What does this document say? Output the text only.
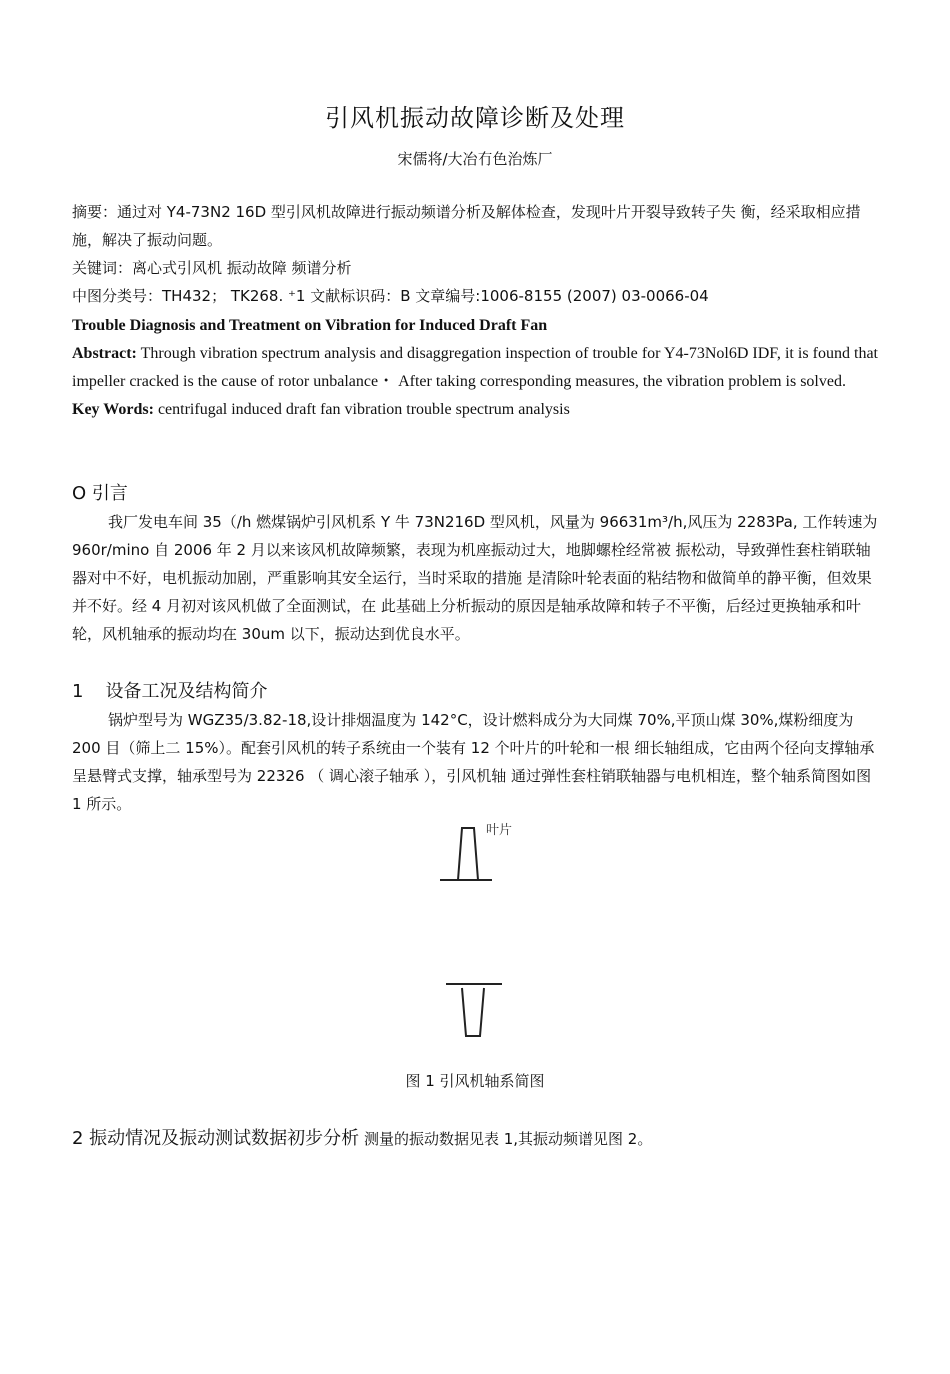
引风机振动故障诊断及处理
宋儒将/大冶冇色治炼厂
摘要：通过对 Y4-73N2 16D 型引风机故障进行振动频谱分析及解体检查，发现叶片开裂导致转子失 衡，经采取相应措施，解决了振动问题。
关键词：离心式引风机 振动故障 频谱分析
中图分类号：TH432； TK268. ⁺1 文献标识码：B 文章编号:1006-8155 (2007) 03-0066-04
Trouble Diagnosis and Treatment on Vibration for Induced Draft Fan
Abstract: Through vibration spectrum analysis and disaggregation inspection of trouble for Y4-73Nol6D IDF, it is found that impeller cracked is the cause of rotor unbalance・ After taking corresponding measures, the vibration problem is solved.
Key Words: centrifugal induced draft fan vibration trouble spectrum analysis
O 引言
我厂发电车间 35（/h 燃煤锅炉引风机系 Y 牛 73N216D 型风机，风量为 96631m³/h,风压为 2283Pa, 工作转速为 960r/mino 自 2006 年 2 月以来该风机故障频繁，表现为机座振动过大，地脚螺栓经常被 振松动，导致弹性套柱销联轴器对中不好，电机振动加剧，严重影响其安全运行，当时采取的措施 是清除叶轮表面的粘结物和做简单的静平衡，但效果并不好。经 4 月初对该风机做了全面测试，在 此基础上分析振动的原因是轴承故障和转子不平衡，后经过更换轴承和叶轮，风机轴承的振动均在 30um 以下，振动达到优良水平。
1 设备工况及结构简介
锅炉型号为 WGZ35/3.82-18,设计排烟温度为 142°C，设计燃料成分为大同煤 70%,平顶山煤 30%,煤粉细度为 200 目（筛上二 15%）。配套引风机的转子系统由一个装有 12 个叶片的叶轮和一根 细长轴组成，它由两个径向支撑轴承呈悬臂式支撑，轴承型号为 22326 （ 调心滚子轴承 ），引风机轴 通过弹性套柱销联轴器与电机相连，整个轴系简图如图 1 所示。
叶片
图 1 引风机轴系简图
2 振动情况及振动测试数据初步分析 测量的振动数据见表 1,其振动频谱见图 2。
